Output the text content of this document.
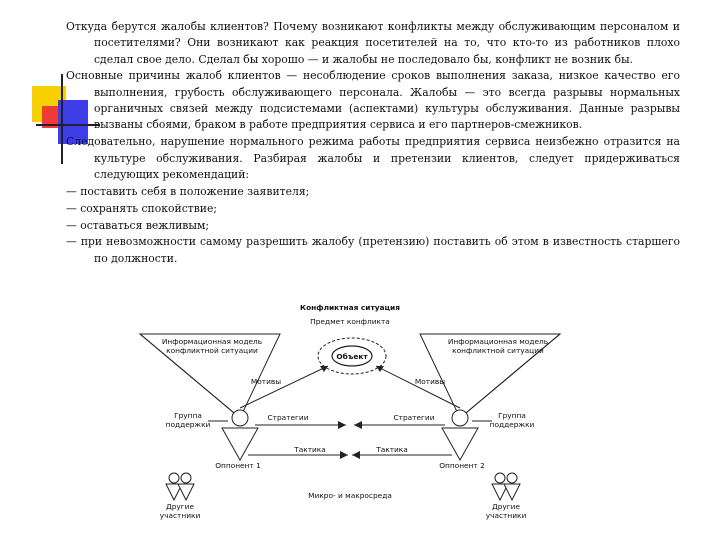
Откуда берутся жалобы клиентов? Почему возникают конфликты между обслуживающим персоналом и посетителями? Они возникают как реакция посетителей на то, что кто-то из работников плохо сделал свое дело. Сделал бы хорошо — и жалобы не последовало бы, конфликт не возник бы.

Основные причины жалоб клиентов — несоблюдение сроков выполнения заказа, низкое качество его выполнения, грубость обслуживающего персонала. Жалобы — это всегда разрывы нормальных органичных связей между подсистемами (аспектами) культуры обслуживания. Данные разрывы вызваны сбоями, браком в работе предприятия сервиса и его партнеров-смежников.

Следовательно, нарушение нормального режима работы предприятия сервиса неизбежно отразится на культуре обслуживания. Разбирая жалобы и претензии клиентов, следует придерживаться следующих рекомендаций:

— поставить себя в положение заявителя;

— сохранять спокойствие;

— оставаться вежливым;

— при невозможности самому разрешить жалобу (претензию) поставить об этом в известность старшего по должности.

Конфликтная ситуация
Предмет конфликта
Объект
Информационная модель
конфликтной ситуации
Информационная модель
конфликтной ситуации
Мотивы	Мотивы
Оппонент 1	Оппонент 2
Группа
поддержки
Группа
поддержки
Стратегии	Стратегии
Тактика	Тактика
Микро- и макросреда
Другие
участники
Другие
участники
